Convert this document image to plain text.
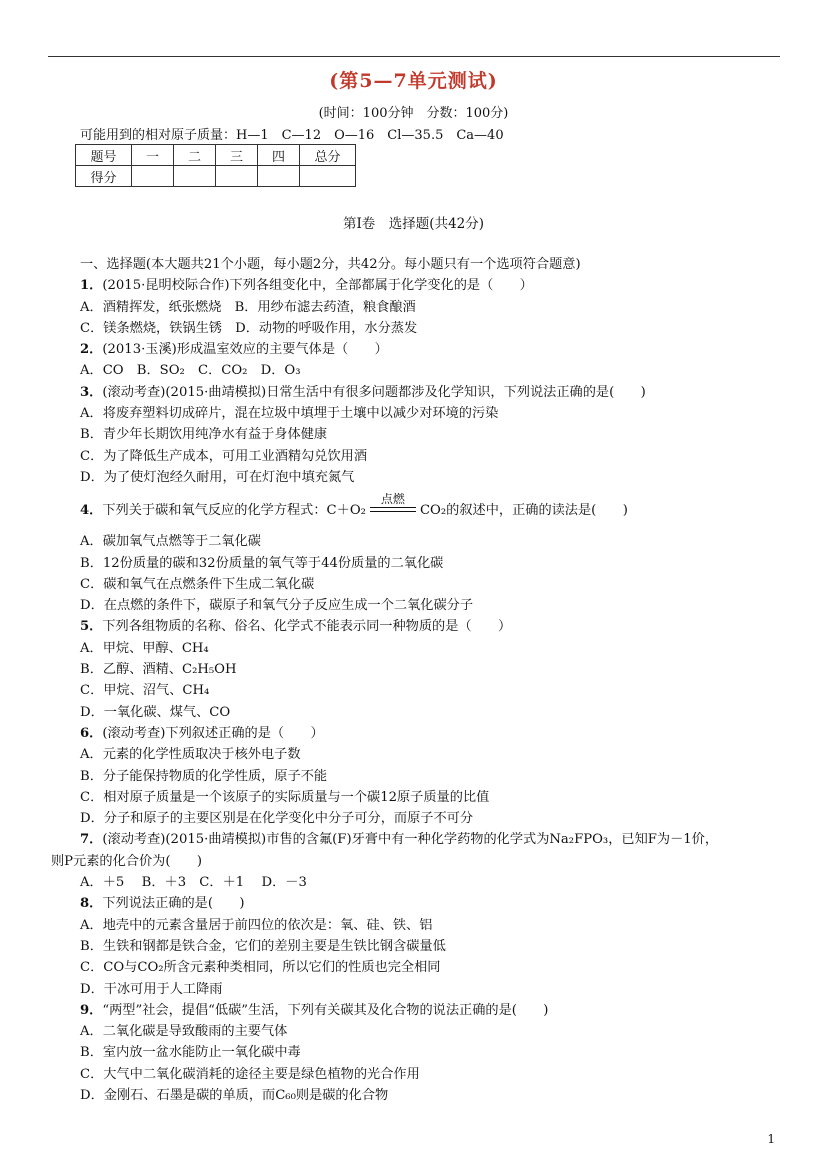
(第5—7单元测试)
(时间：100分钟　分数：100分)
可能用到的相对原子质量：H—1　C—12　O—16　Cl—35.5　Ca—40
题号	一	二	三	四	总分
得分					
第Ⅰ卷　选择题(共42分)
一、选择题(本大题共21个小题，每小题2分，共42分。每小题只有一个选项符合题意)
1．(2015·昆明校际合作)下列各组变化中，全部都属于化学变化的是（　　）
A．酒精挥发，纸张燃烧　B．用纱布滤去药渣，粮食酿酒
C．镁条燃烧，铁锅生锈　D．动物的呼吸作用，水分蒸发
2．(2013·玉溪)形成温室效应的主要气体是（　　）
A．CO　B．SO₂　C．CO₂　D．O₃
3．(滚动考查)(2015·曲靖模拟)日常生活中有很多问题都涉及化学知识，下列说法正确的是(　　)
A．将废弃塑料切成碎片，混在垃圾中填埋于土壤中以减少对环境的污染
B．青少年长期饮用纯净水有益于身体健康
C．为了降低生产成本，可用工业酒精勾兑饮用酒
D．为了使灯泡经久耐用，可在灯泡中填充氮气
4．下列关于碳和氧气反应的化学方程式：C＋O₂
点燃
CO₂的叙述中，正确的读法是(　　)
A．碳加氧气点燃等于二氧化碳
B．12份质量的碳和32份质量的氧气等于44份质量的二氧化碳
C．碳和氧气在点燃条件下生成二氧化碳
D．在点燃的条件下，碳原子和氧气分子反应生成一个二氧化碳分子
5．下列各组物质的名称、俗名、化学式不能表示同一种物质的是（　　）
A．甲烷、甲醇、CH₄
B．乙醇、酒精、C₂H₅OH
C．甲烷、沼气、CH₄
D．一氧化碳、煤气、CO
6．(滚动考查)下列叙述正确的是（　　）
A．元素的化学性质取决于核外电子数
B．分子能保持物质的化学性质，原子不能
C．相对原子质量是一个该原子的实际质量与一个碳12原子质量的比值
D．分子和原子的主要区别是在化学变化中分子可分，而原子不可分
7．(滚动考查)(2015·曲靖模拟)市售的含氟(F)牙膏中有一种化学药物的化学式为Na₂FPO₃，已知F为－1价，
则P元素的化合价为(　　)
A．＋5　 B．＋3　C．＋1　 D．－3
8．下列说法正确的是(　　)
A．地壳中的元素含量居于前四位的依次是：氧、硅、铁、铝
B．生铁和钢都是铁合金，它们的差别主要是生铁比钢含碳量低
C．CO与CO₂所含元素种类相同，所以它们的性质也完全相同
D．干冰可用于人工降雨
9．“两型”社会，提倡“低碳”生活，下列有关碳其及化合物的说法正确的是(　　)
A．二氧化碳是导致酸雨的主要气体
B．室内放一盆水能防止一氧化碳中毒
C．大气中二氧化碳消耗的途径主要是绿色植物的光合作用
D．金刚石、石墨是碳的单质，而C₆₀则是碳的化合物
1
